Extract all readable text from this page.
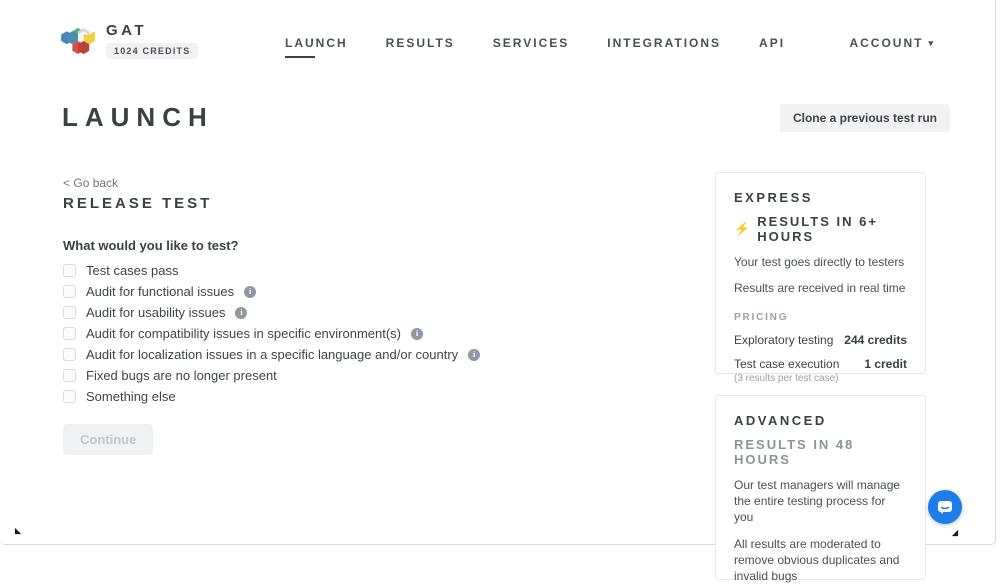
GAT
1024 CREDITS
LAUNCH	RESULTS	SERVICES	INTEGRATIONS	API	ACCOUNT ▾
LAUNCH	Clone a previous test run
< Go back
RELEASE TEST
What would you like to test?
Test cases pass
Audit for functional issues	i
Audit for usability issues	i
Audit for compatibility issues in specific environment(s)	i
Audit for localization issues in a specific language and/or country	i
Fixed bugs are no longer present
Something else
Continue
EXPRESS
⚡ RESULTS IN 6+ HOURS
Your test goes directly to testers
Results are received in real time
PRICING
Exploratory testing 244 credits
Test case execution
(3 results per test case)
1 credit
ADVANCED
RESULTS IN 48 HOURS
Our test managers will manage the entire testing process for you
All results are moderated to remove obvious duplicates and invalid bugs
